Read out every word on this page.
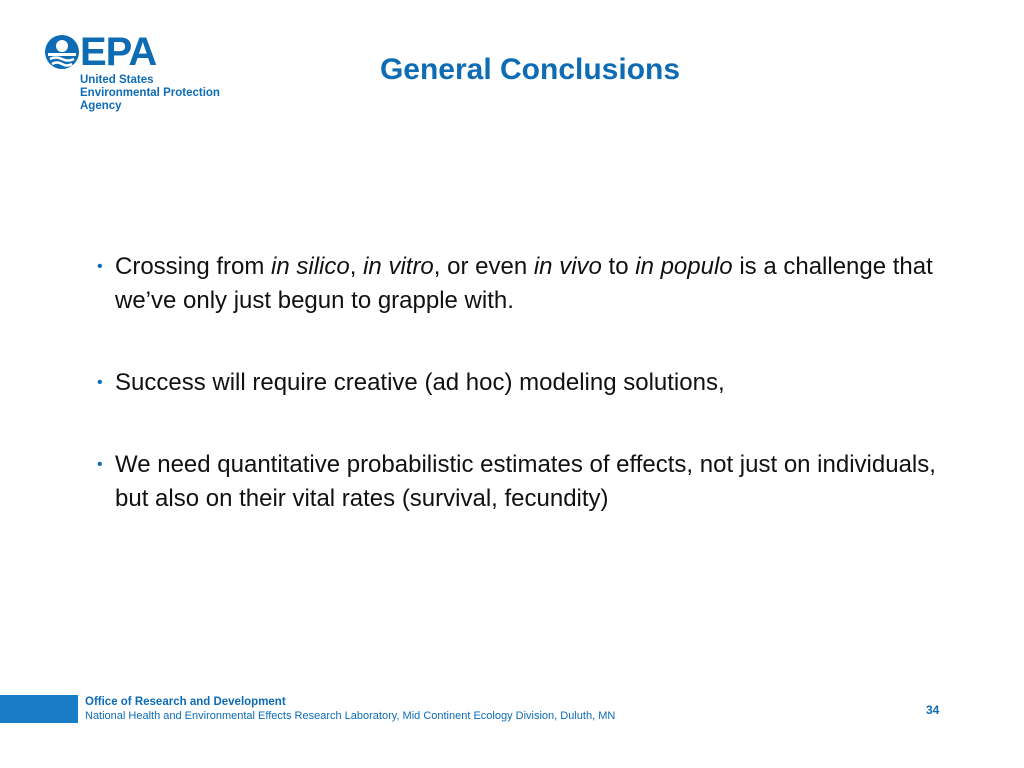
EPA
United States
Environmental Protection
Agency
General Conclusions
• Crossing from in silico, in vitro, or even in vivo to in populo is a challenge that we’ve only just begun to grapple with.
• Success will require creative (ad hoc) modeling solutions,
• We need quantitative probabilistic estimates of effects, not just on individuals, but also on their vital rates (survival, fecundity)
Office of Research and Development
National Health and Environmental Effects Research Laboratory, Mid Continent Ecology Division, Duluth, MN	34
